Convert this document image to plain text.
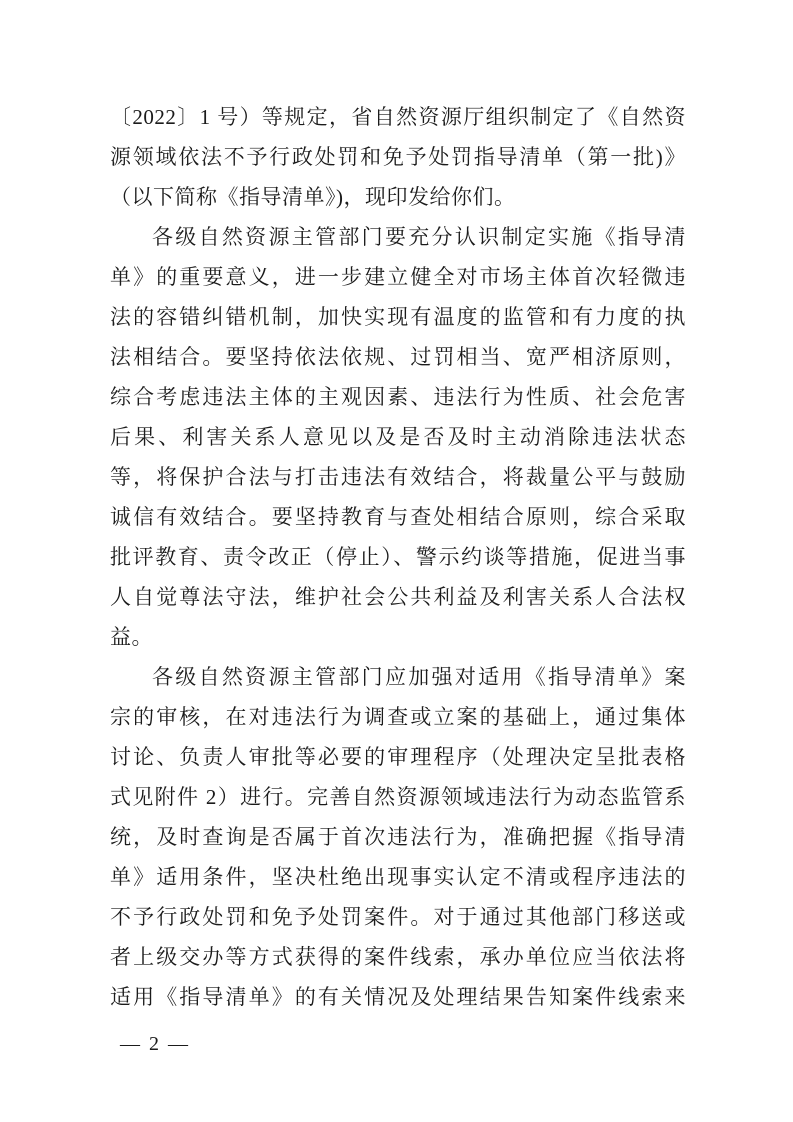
〔2022〕1 号）等规定，省自然资源厅组织制定了《自然资
源领域依法不予行政处罚和免予处罚指导清单（第一批)》
（以下简称《指导清单》)，现印发给你们。
各级自然资源主管部门要充分认识制定实施《指导清
单》的重要意义，进一步建立健全对市场主体首次轻微违
法的容错纠错机制，加快实现有温度的监管和有力度的执
法相结合。要坚持依法依规、过罚相当、宽严相济原则，
综合考虑违法主体的主观因素、违法行为性质、社会危害
后果、利害关系人意见以及是否及时主动消除违法状态
等，将保护合法与打击违法有效结合，将裁量公平与鼓励
诚信有效结合。要坚持教育与查处相结合原则，综合采取
批评教育、责令改正（停止）、警示约谈等措施，促进当事
人自觉尊法守法，维护社会公共利益及利害关系人合法权
益。
各级自然资源主管部门应加强对适用《指导清单》案
宗的审核，在对违法行为调查或立案的基础上，通过集体
讨论、负责人审批等必要的审理程序（处理决定呈批表格
式见附件 2）进行。完善自然资源领域违法行为动态监管系
统，及时查询是否属于首次违法行为，准确把握《指导清
单》适用条件，坚决杜绝出现事实认定不清或程序违法的
不予行政处罚和免予处罚案件。对于通过其他部门移送或
者上级交办等方式获得的案件线索，承办单位应当依法将
适用《指导清单》的有关情况及处理结果告知案件线索来
— 2 —
